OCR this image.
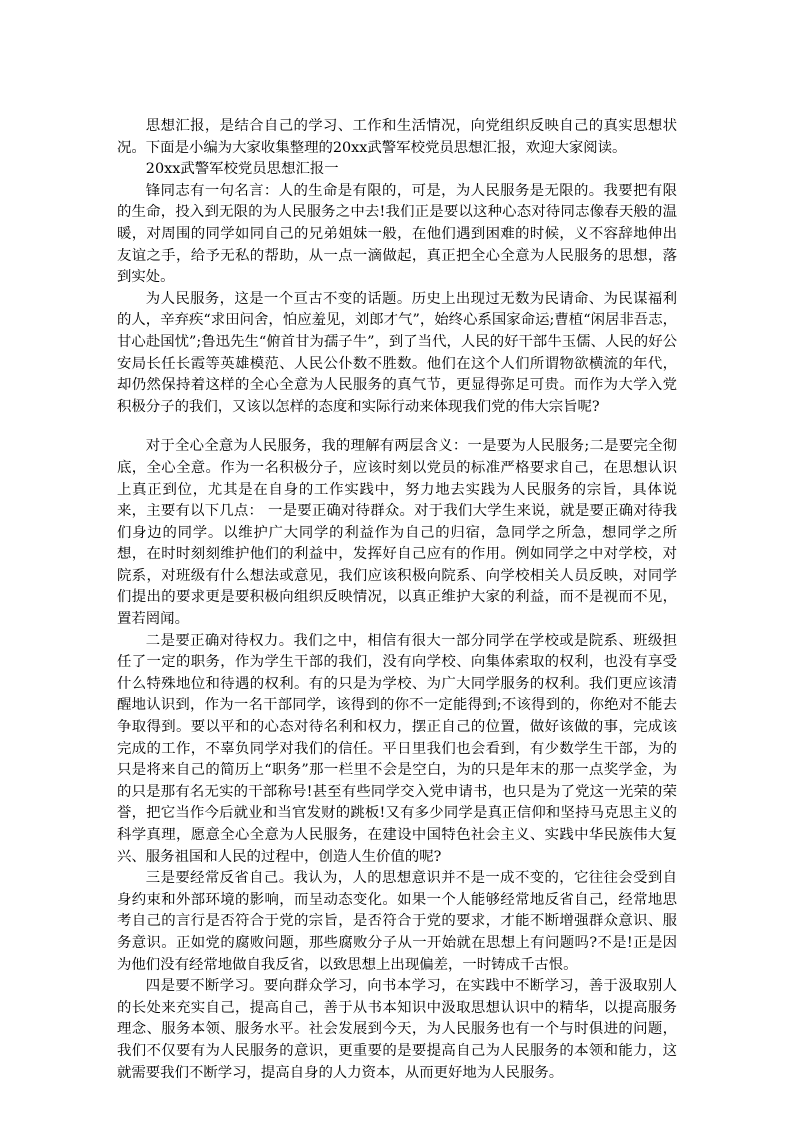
思想汇报，是结合自己的学习、工作和生活情况，向党组织反映自己的真实思想状况。下面是小编为大家收集整理的20xx武警军校党员思想汇报，欢迎大家阅读。

20xx武警军校党员思想汇报一

锋同志有一句名言：人的生命是有限的，可是，为人民服务是无限的。我要把有限的生命，投入到无限的为人民服务之中去!我们正是要以这种心态对待同志像春天般的温暖，对周围的同学如同自己的兄弟姐妹一般，在他们遇到困难的时候，义不容辞地伸出友谊之手，给予无私的帮助，从一点一滴做起，真正把全心全意为人民服务的思想，落到实处。

为人民服务，这是一个亘古不变的话题。历史上出现过无数为民请命、为民谋福利的人，辛弃疾“求田问舍，怕应羞见，刘郎才气”，始终心系国家命运;曹植“闲居非吾志，甘心赴国忧”;鲁迅先生“俯首甘为孺子牛”，到了当代，人民的好干部牛玉儒、人民的好公安局长任长霞等英雄模范、人民公仆数不胜数。他们在这个人们所谓物欲横流的年代，却仍然保持着这样的全心全意为人民服务的真气节，更显得弥足可贵。而作为大学入党积极分子的我们，又该以怎样的态度和实际行动来体现我们党的伟大宗旨呢?

对于全心全意为人民服务，我的理解有两层含义：一是要为人民服务;二是要完全彻底，全心全意。作为一名积极分子，应该时刻以党员的标准严格要求自己，在思想认识上真正到位，尤其是在自身的工作实践中，努力地去实践为人民服务的宗旨，具体说来，主要有以下几点： 一是要正确对待群众。对于我们大学生来说，就是要正确对待我们身边的同学。以维护广大同学的利益作为自己的归宿，急同学之所急，想同学之所想，在时时刻刻维护他们的利益中，发挥好自己应有的作用。例如同学之中对学校，对院系，对班级有什么想法或意见，我们应该积极向院系、向学校相关人员反映，对同学们提出的要求更是要积极向组织反映情况，以真正维护大家的利益，而不是视而不见，置若罔闻。

二是要正确对待权力。我们之中，相信有很大一部分同学在学校或是院系、班级担任了一定的职务，作为学生干部的我们，没有向学校、向集体索取的权利，也没有享受什么特殊地位和待遇的权利。有的只是为学校、为广大同学服务的权利。我们更应该清醒地认识到，作为一名干部同学，该得到的你不一定能得到;不该得到的，你绝对不能去争取得到。要以平和的心态对待名利和权力，摆正自己的位置，做好该做的事，完成该完成的工作，不辜负同学对我们的信任。平日里我们也会看到，有少数学生干部，为的只是将来自己的简历上“职务”那一栏里不会是空白，为的只是年末的那一点奖学金，为的只是那有名无实的干部称号!甚至有些同学交入党申请书，也只是为了党这一光荣的荣誉，把它当作今后就业和当官发财的跳板!又有多少同学是真正信仰和坚持马克思主义的科学真理，愿意全心全意为人民服务，在建设中国特色社会主义、实践中华民族伟大复兴、服务祖国和人民的过程中，创造人生价值的呢?

三是要经常反省自己。我认为，人的思想意识并不是一成不变的，它往往会受到自身约束和外部环境的影响，而呈动态变化。如果一个人能够经常地反省自己，经常地思考自己的言行是否符合于党的宗旨，是否符合于党的要求，才能不断增强群众意识、服务意识。正如党的腐败问题，那些腐败分子从一开始就在思想上有问题吗?不是!正是因为他们没有经常地做自我反省，以致思想上出现偏差，一时铸成千古恨。

四是要不断学习。要向群众学习，向书本学习，在实践中不断学习，善于汲取别人的长处来充实自己，提高自己，善于从书本知识中汲取思想认识中的精华，以提高服务理念、服务本领、服务水平。社会发展到今天，为人民服务也有一个与时俱进的问题，我们不仅要有为人民服务的意识，更重要的是要提高自己为人民服务的本领和能力，这就需要我们不断学习，提高自身的人力资本，从而更好地为人民服务。
